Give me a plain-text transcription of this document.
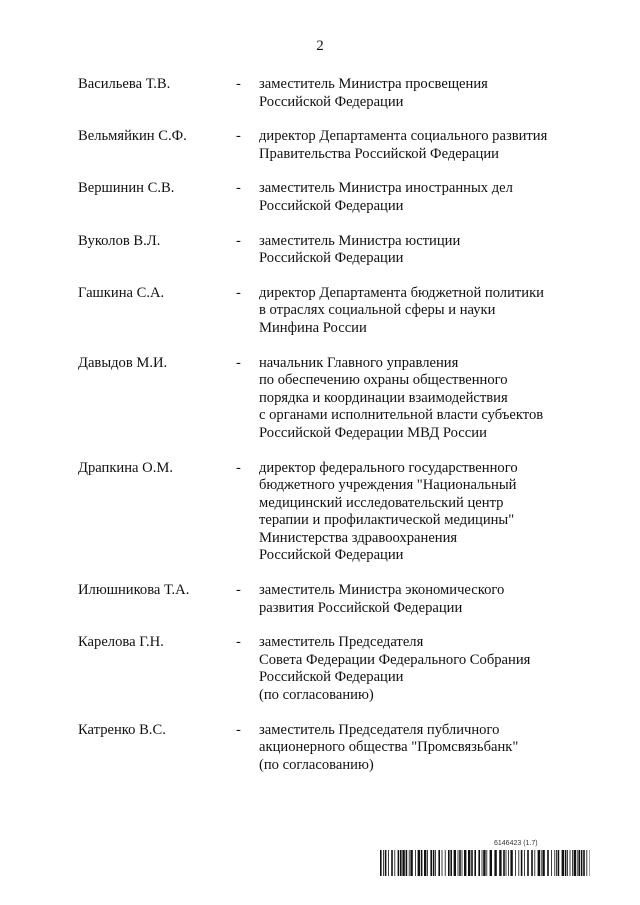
2
Васильева Т.В.	- заместитель Министра просвещения
Российской Федерации
Вельмяйкин С.Ф.	- директор Департамента социального развития
Правительства Российской Федерации
Вершинин С.В.	- заместитель Министра иностранных дел
Российской Федерации
Вуколов В.Л.	- заместитель Министра юстиции
Российской Федерации
Гашкина С.А.	- директор Департамента бюджетной политики
в отраслях социальной сферы и науки
Минфина России
Давыдов М.И.	- начальник Главного управления
по обеспечению охраны общественного
порядка и координации взаимодействия
с органами исполнительной власти субъектов
Российской Федерации МВД России
Драпкина О.М.	- директор федерального государственного
бюджетного учреждения "Национальный
медицинский исследовательский центр
терапии и профилактической медицины"
Министерства здравоохранения
Российской Федерации
Илюшникова Т.А.	- заместитель Министра экономического
развития Российской Федерации
Карелова Г.Н.	- заместитель Председателя
Совета Федерации Федерального Собрания
Российской Федерации
(по согласованию)
Катренко В.С.	- заместитель Председателя публичного
акционерного общества "Промсвязьбанк"
(по согласованию)
6146423 (1.7)
